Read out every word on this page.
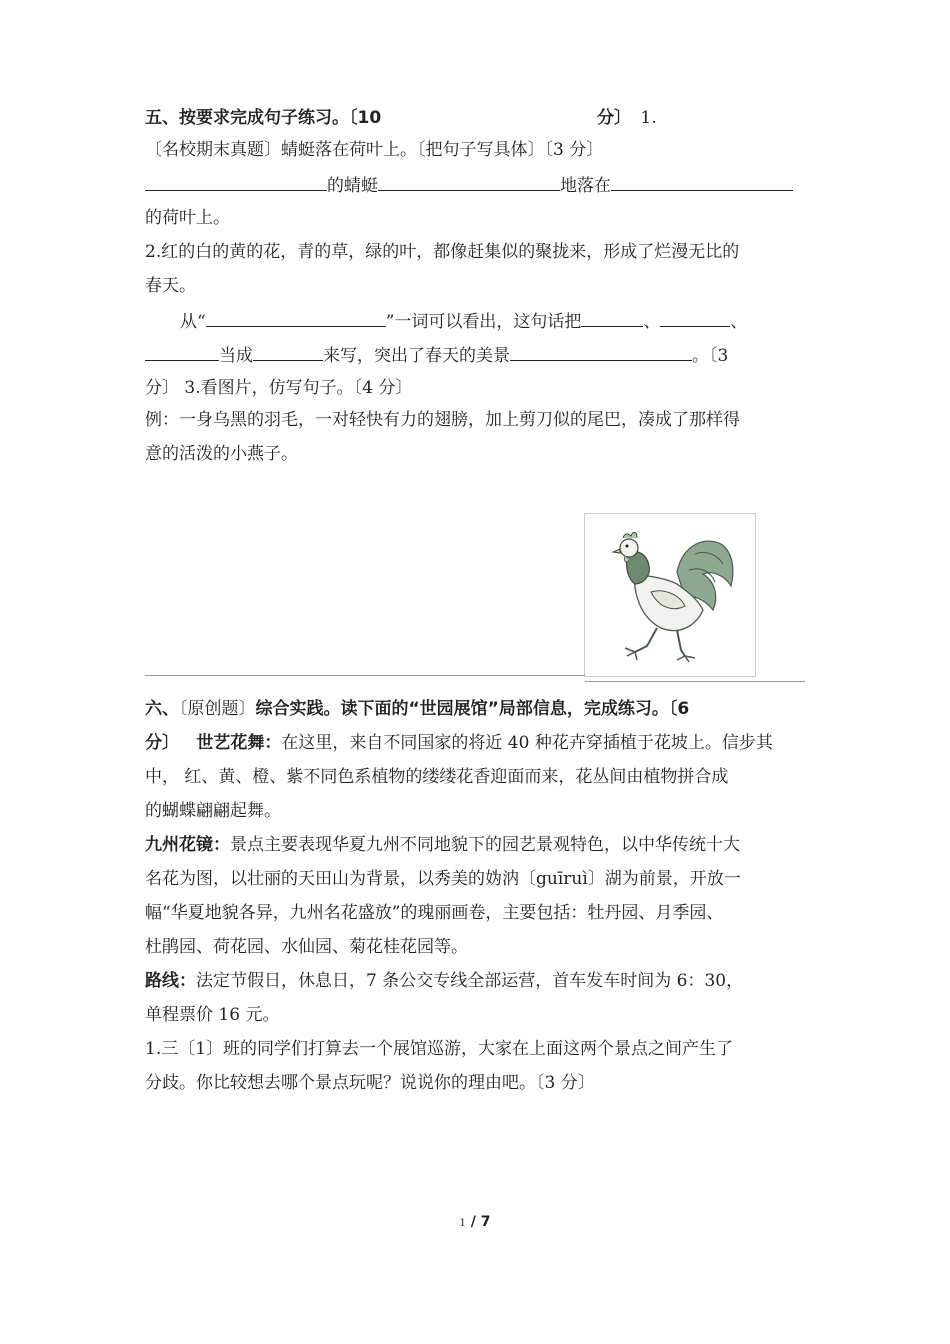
五、按要求完成句子练习。〔10	分〕 1.
〔名校期末真题〕蜻蜓落在荷叶上。〔把句子写具体〕〔3 分〕
的蜻蜓	地落在
的荷叶上。
2.红的白的黄的花，青的草，绿的叶，都像赶集似的聚拢来，形成了烂漫无比的
春天。
从“	”一词可以看出，这句话把	、	、
当成	来写，突出了春天的美景	。〔3
分〕 3.看图片，仿写句子。〔4 分〕
例：一身乌黑的羽毛，一对轻快有力的翅膀，加上剪刀似的尾巴，凑成了那样得
意的活泼的小燕子。
六、〔原创题〕综合实践。读下面的“世园展馆”局部信息，完成练习。〔6
分〕 世艺花舞：在这里，来自不同国家的将近 40 种花卉穿插植于花坡上。信步其
中， 红、黄、橙、紫不同色系植物的缕缕花香迎面而来，花丛间由植物拼合成
的蝴蝶翩翩起舞。
九州花镜：景点主要表现华夏九州不同地貌下的园艺景观特色，以中华传统十大
名花为图，以壮丽的天田山为背景，以秀美的妫汭〔guīruì〕湖为前景，开放一
幅“华夏地貌各异，九州名花盛放”的瑰丽画卷，主要包括：牡丹园、月季园、
杜鹃园、荷花园、水仙园、菊花桂花园等。
路线：法定节假日，休息日，7 条公交专线全部运营，首车发车时间为 6：30，
单程票价 16 元。
1.三〔1〕班的同学们打算去一个展馆巡游，大家在上面这两个景点之间产生了
分歧。你比较想去哪个景点玩呢？说说你的理由吧。〔3 分〕
1 / 7
